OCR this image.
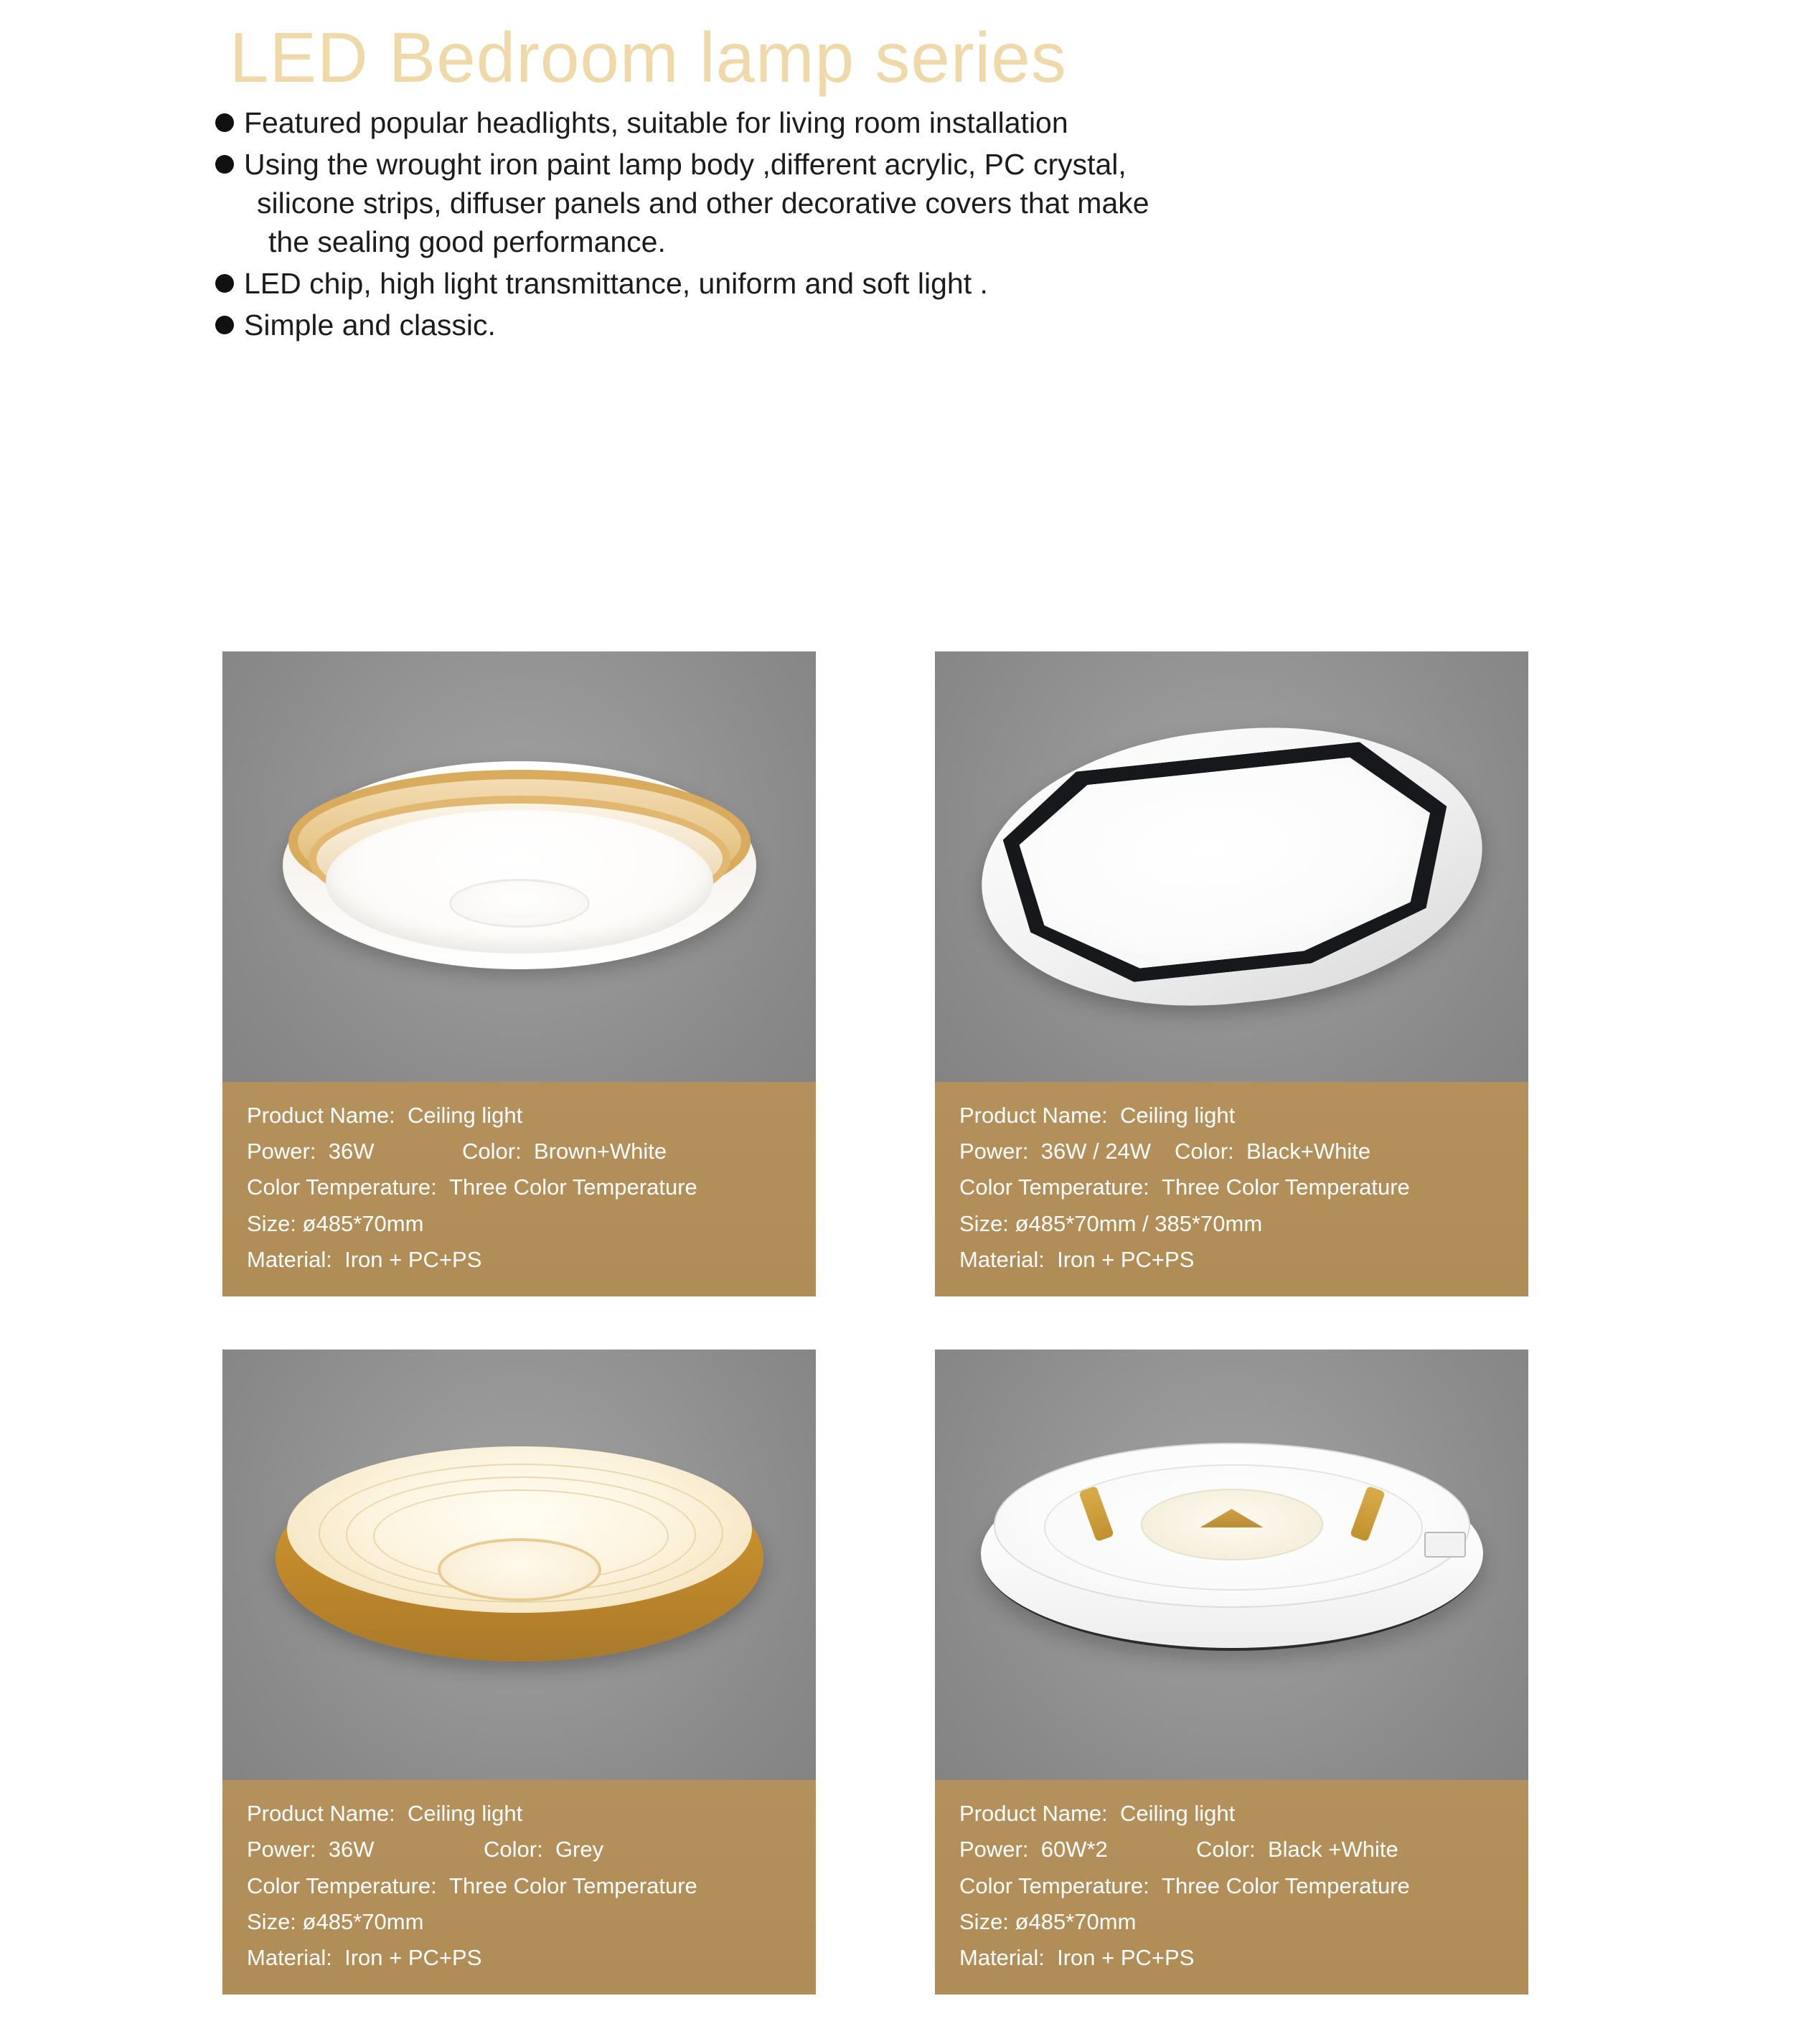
LED Bedroom lamp series
Featured popular headlights, suitable for living room installation
Using the wrought iron paint lamp body ,different acrylic, PC crystal,
silicone strips, diffuser panels and other decorative covers that make
the sealing good performance.
LED chip, high light transmittance, uniform and soft light .
Simple and classic.
Product Name:
Ceiling light
Power: 36W	Color: Brown+White
Color Temperature:
Three Color Temperature
Size:
ø485*70mm
Material:
Iron + PC+PS
Product Name:
Ceiling light
Power: 36W / 24W	Color: Black+White
Color Temperature:
Three Color Temperature
Size:
ø485*70mm / 385*70mm
Material:
Iron + PC+PS
Product Name:
Ceiling light
Power: 36W	Color: Grey
Color Temperature:
Three Color Temperature
Size:
ø485*70mm
Material:
Iron + PC+PS
Product Name:
Ceiling light
Power: 60W*2	Color: Black +White
Color Temperature:
Three Color Temperature
Size:
ø485*70mm
Material:
Iron + PC+PS
